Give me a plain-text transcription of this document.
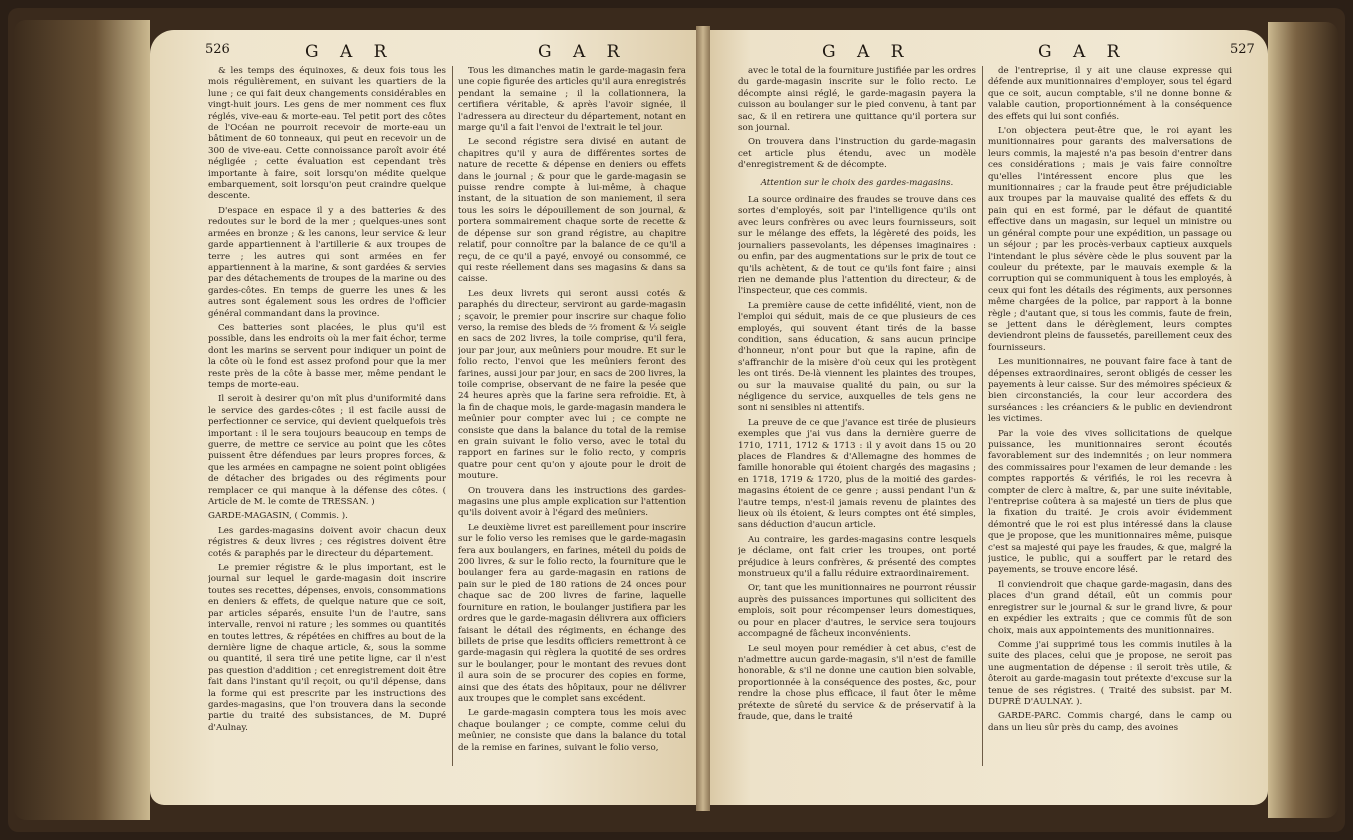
526	G A R	G A R	G A R	G A R	527

& les temps des équinoxes, & deux fois tous les mois régulièrement, en suivant les quartiers de la lune ; ce qui fait deux changements considérables en vingt-huit jours. Les gens de mer nomment ces flux réglés, vive-eau & morte-eau. Tel petit port des côtes de l'Océan ne pourroit recevoir de morte-eau un bâtiment de 60 tonneaux, qui peut en recevoir un de 300 de vive-eau. Cette connoissance paroît avoir été négligée ; cette évaluation est cependant très importante à faire, soit lorsqu'on médite quelque embarquement, soit lorsqu'on peut craindre quelque descente.

D'espace en espace il y a des batteries & des redoutes sur le bord de la mer ; quelques-unes sont armées en bronze ; & les canons, leur service & leur garde appartiennent à l'artillerie & aux troupes de terre ; les autres qui sont armées en fer appartiennent à la marine, & sont gardées & servies par des détachements de troupes de la marine ou des gardes-côtes. En temps de guerre les unes & les autres sont également sous les ordres de l'officier général commandant dans la province.

Ces batteries sont placées, le plus qu'il est possible, dans les endroits où la mer fait échor, terme dont les marins se servent pour indiquer un point de la côte où le fond est assez profond pour que la mer reste près de la côte à basse mer, même pendant le temps de morte-eau.

Il seroit à desirer qu'on mît plus d'uniformité dans le service des gardes-côtes ; il est facile aussi de perfectionner ce service, qui devient quelquefois très important : il le sera toujours beaucoup en temps de guerre, de mettre ce service au point que les côtes puissent être défendues par leurs propres forces, & que les armées en campagne ne soient point obligées de détacher des brigades ou des régiments pour remplacer ce qui manque à la défense des côtes. ( Article de M. le comte de TRESSAN. )

GARDE-MAGASIN, ( Commis. ).

Les gardes-magasins doivent avoir chacun deux régistres & deux livres ; ces régistres doivent être cotés & paraphés par le directeur du département.

Le premier régistre & le plus important, est le journal sur lequel le garde-magasin doit inscrire toutes ses recettes, dépenses, envois, consommations en deniers & effets, de quelque nature que ce soit, par articles séparés, ensuite l'un de l'autre, sans intervalle, renvoi ni rature ; les sommes ou quantités en toutes lettres, & répétées en chiffres au bout de la dernière ligne de chaque article, &, sous la somme ou quantité, il sera tiré une petite ligne, car il n'est pas question d'addition ; cet enregistrement doit être fait dans l'instant qu'il reçoit, ou qu'il dépense, dans la forme qui est prescrite par les instructions des gardes-magasins, que l'on trouvera dans la seconde partie du traité des subsistances, de M. Dupré d'Aulnay.

Tous les dimanches matin le garde-magasin fera une copie figurée des articles qu'il aura enregistrés pendant la semaine ; il la collationnera, la certifiera véritable, & après l'avoir signée, il l'adressera au directeur du département, notant en marge qu'il a fait l'envoi de l'extrait le tel jour.

Le second régistre sera divisé en autant de chapitres qu'il y aura de différentes sortes de nature de recette & dépense en deniers ou effets dans le journal ; & pour que le garde-magasin se puisse rendre compte à lui-même, à chaque instant, de la situation de son maniement, il sera tous les soirs le dépouillement de son journal, & portera sommairement chaque sorte de recette & de dépense sur son grand régistre, au chapitre relatif, pour connoître par la balance de ce qu'il a reçu, de ce qu'il a payé, envoyé ou consommé, ce qui reste réellement dans ses magasins & dans sa caisse.

Les deux livrets qui seront aussi cotés & paraphés du directeur, serviront au garde-magasin ; sçavoir, le premier pour inscrire sur chaque folio verso, la remise des bleds de ⅔ froment & ⅓ seigle en sacs de 202 livres, la toile comprise, qu'il fera, jour par jour, aux meûniers pour moudre. Et sur le folio recto, l'envoi que les meûniers feront des farines, aussi jour par jour, en sacs de 200 livres, la toile comprise, observant de ne faire la pesée que 24 heures après que la farine sera refroidie. Et, à la fin de chaque mois, le garde-magasin mandera le meûnier pour compter avec lui ; ce compte ne consiste que dans la balance du total de la remise en grain suivant le folio verso, avec le total du rapport en farines sur le folio recto, y compris quatre pour cent qu'on y ajoute pour le droit de mouture.

On trouvera dans les instructions des gardes-magasins une plus ample explication sur l'attention qu'ils doivent avoir à l'égard des meûniers.

Le deuxième livret est pareillement pour inscrire sur le folio verso les remises que le garde-magasin fera aux boulangers, en farines, méteil du poids de 200 livres, & sur le folio recto, la fourniture que le boulanger fera au garde-magasin en rations de pain sur le pied de 180 rations de 24 onces pour chaque sac de 200 livres de farine, laquelle fourniture en ration, le boulanger justifiera par les ordres que le garde-magasin délivrera aux officiers faisant le détail des régiments, en échange des billets de prise que lesdits officiers remettront à ce garde-magasin qui règlera la quotité de ses ordres sur le boulanger, pour le montant des revues dont il aura soin de se procurer des copies en forme, ainsi que des états des hôpitaux, pour ne délivrer aux troupes que le complet sans excédent.

Le garde-magasin comptera tous les mois avec chaque boulanger ; ce compte, comme celui du meûnier, ne consiste que dans la balance du total de la remise en farines, suivant le folio verso,

avec le total de la fourniture justifiée par les ordres du garde-magasin inscrite sur le folio recto. Le décompte ainsi réglé, le garde-magasin payera la cuisson au boulanger sur le pied convenu, à tant par sac, & il en retirera une quittance qu'il portera sur son journal.

On trouvera dans l'instruction du garde-magasin cet article plus étendu, avec un modèle d'enregistrement & de décompte.

Attention sur le choix des gardes-magasins.

La source ordinaire des fraudes se trouve dans ces sortes d'employés, soit par l'intelligence qu'ils ont avec leurs confrères ou avec leurs fournisseurs, soit sur le mélange des effets, la légèreté des poids, les journaliers passevolants, les dépenses imaginaires : ou enfin, par des augmentations sur le prix de tout ce qu'ils achètent, & de tout ce qu'ils font faire ; ainsi rien ne demande plus l'attention du directeur, & de l'inspecteur, que ces commis.

La première cause de cette infidélité, vient, non de l'emploi qui séduit, mais de ce que plusieurs de ces employés, qui souvent étant tirés de la basse condition, sans éducation, & sans aucun principe d'honneur, n'ont pour but que la rapine, afin de s'affranchir de la misère d'où ceux qui les protègent les ont tirés. De-là viennent les plaintes des troupes, ou sur la mauvaise qualité du pain, ou sur la négligence du service, auxquelles de tels gens ne sont ni sensibles ni attentifs.

La preuve de ce que j'avance est tirée de plusieurs exemples que j'ai vus dans la dernière guerre de 1710, 1711, 1712 & 1713 : il y avoit dans 15 ou 20 places de Flandres & d'Allemagne des hommes de famille honorable qui étoient chargés des magasins ; en 1718, 1719 & 1720, plus de la moitié des gardes-magasins étoient de ce genre ; aussi pendant l'un & l'autre temps, n'est-il jamais revenu de plaintes des lieux où ils étoient, & leurs comptes ont été simples, sans déduction d'aucun article.

Au contraire, les gardes-magasins contre lesquels je déclame, ont fait crier les troupes, ont porté préjudice à leurs confrères, & présenté des comptes monstrueux qu'il a fallu réduire extraordinairement.

Or, tant que les munitionnaires ne pourront réussir auprès des puissances importunes qui sollicitent des emplois, soit pour récompenser leurs domestiques, ou pour en placer d'autres, le service sera toujours accompagné de fâcheux inconvénients.

Le seul moyen pour remédier à cet abus, c'est de n'admettre aucun garde-magasin, s'il n'est de famille honorable, & s'il ne donne une caution bien solvable, proportionnée à la conséquence des postes, &c, pour rendre la chose plus efficace, il faut ôter le même prétexte de sûreté du service & de préservatif à la fraude, que, dans le traité

de l'entreprise, il y ait une clause expresse qui défende aux munitionnaires d'employer, sous tel égard que ce soit, aucun comptable, s'il ne donne bonne & valable caution, proportionnément à la conséquence des effets qui lui sont confiés.

L'on objectera peut-être que, le roi ayant les munitionnaires pour garants des malversations de leurs commis, la majesté n'a pas besoin d'entrer dans ces considérations ; mais je vais faire connoître qu'elles l'intéressent encore plus que les munitionnaires ; car la fraude peut être préjudiciable aux troupes par la mauvaise qualité des effets & du pain qui en est formé, par le défaut de quantité effective dans un magasin, sur lequel un ministre ou un général compte pour une expédition, un passage ou un séjour ; par les procès-verbaux captieux auxquels l'intendant le plus sévère cède le plus souvent par la couleur du prétexte, par le mauvais exemple & la corruption qui se communiquent à tous les employés, à ceux qui font les détails des régiments, aux personnes même chargées de la police, par rapport à la bonne règle ; d'autant que, si tous les commis, faute de frein, se jettent dans le dérèglement, leurs comptes deviendront pleins de faussetés, pareillement ceux des fournisseurs.

Les munitionnaires, ne pouvant faire face à tant de dépenses extraordinaires, seront obligés de cesser les payements à leur caisse. Sur des mémoires spécieux & bien circonstanciés, la cour leur accordera des surséances : les créanciers & le public en deviendront les victimes.

Par la voie des vives sollicitations de quelque puissance, les munitionnaires seront écoutés favorablement sur des indemnités ; on leur nommera des commissaires pour l'examen de leur demande : les comptes rapportés & vérifiés, le roi les recevra à compter de clerc à maître, &, par une suite inévitable, l'entreprise coûtera à sa majesté un tiers de plus que la fixation du traité. Je crois avoir évidemment démontré que le roi est plus intéressé dans la clause que je propose, que les munitionnaires même, puisque c'est sa majesté qui paye les fraudes, & que, malgré la justice, le public, qui a souffert par le retard des payements, se trouve encore lésé.

Il conviendroit que chaque garde-magasin, dans des places d'un grand détail, eût un commis pour enregistrer sur le journal & sur le grand livre, & pour en expédier les extraits ; que ce commis fût de son choix, mais aux appointements des munitionnaires.

Comme j'ai supprimé tous les commis inutiles à la suite des places, celui que je propose, ne seroit pas une augmentation de dépense : il seroit très utile, & ôteroit au garde-magasin tout prétexte d'excuse sur la tenue de ses régistres. ( Traité des subsist. par M. DUPRÉ D'AULNAY. ).

GARDE-PARC. Commis chargé, dans le camp ou dans un lieu sûr près du camp, des avoines
